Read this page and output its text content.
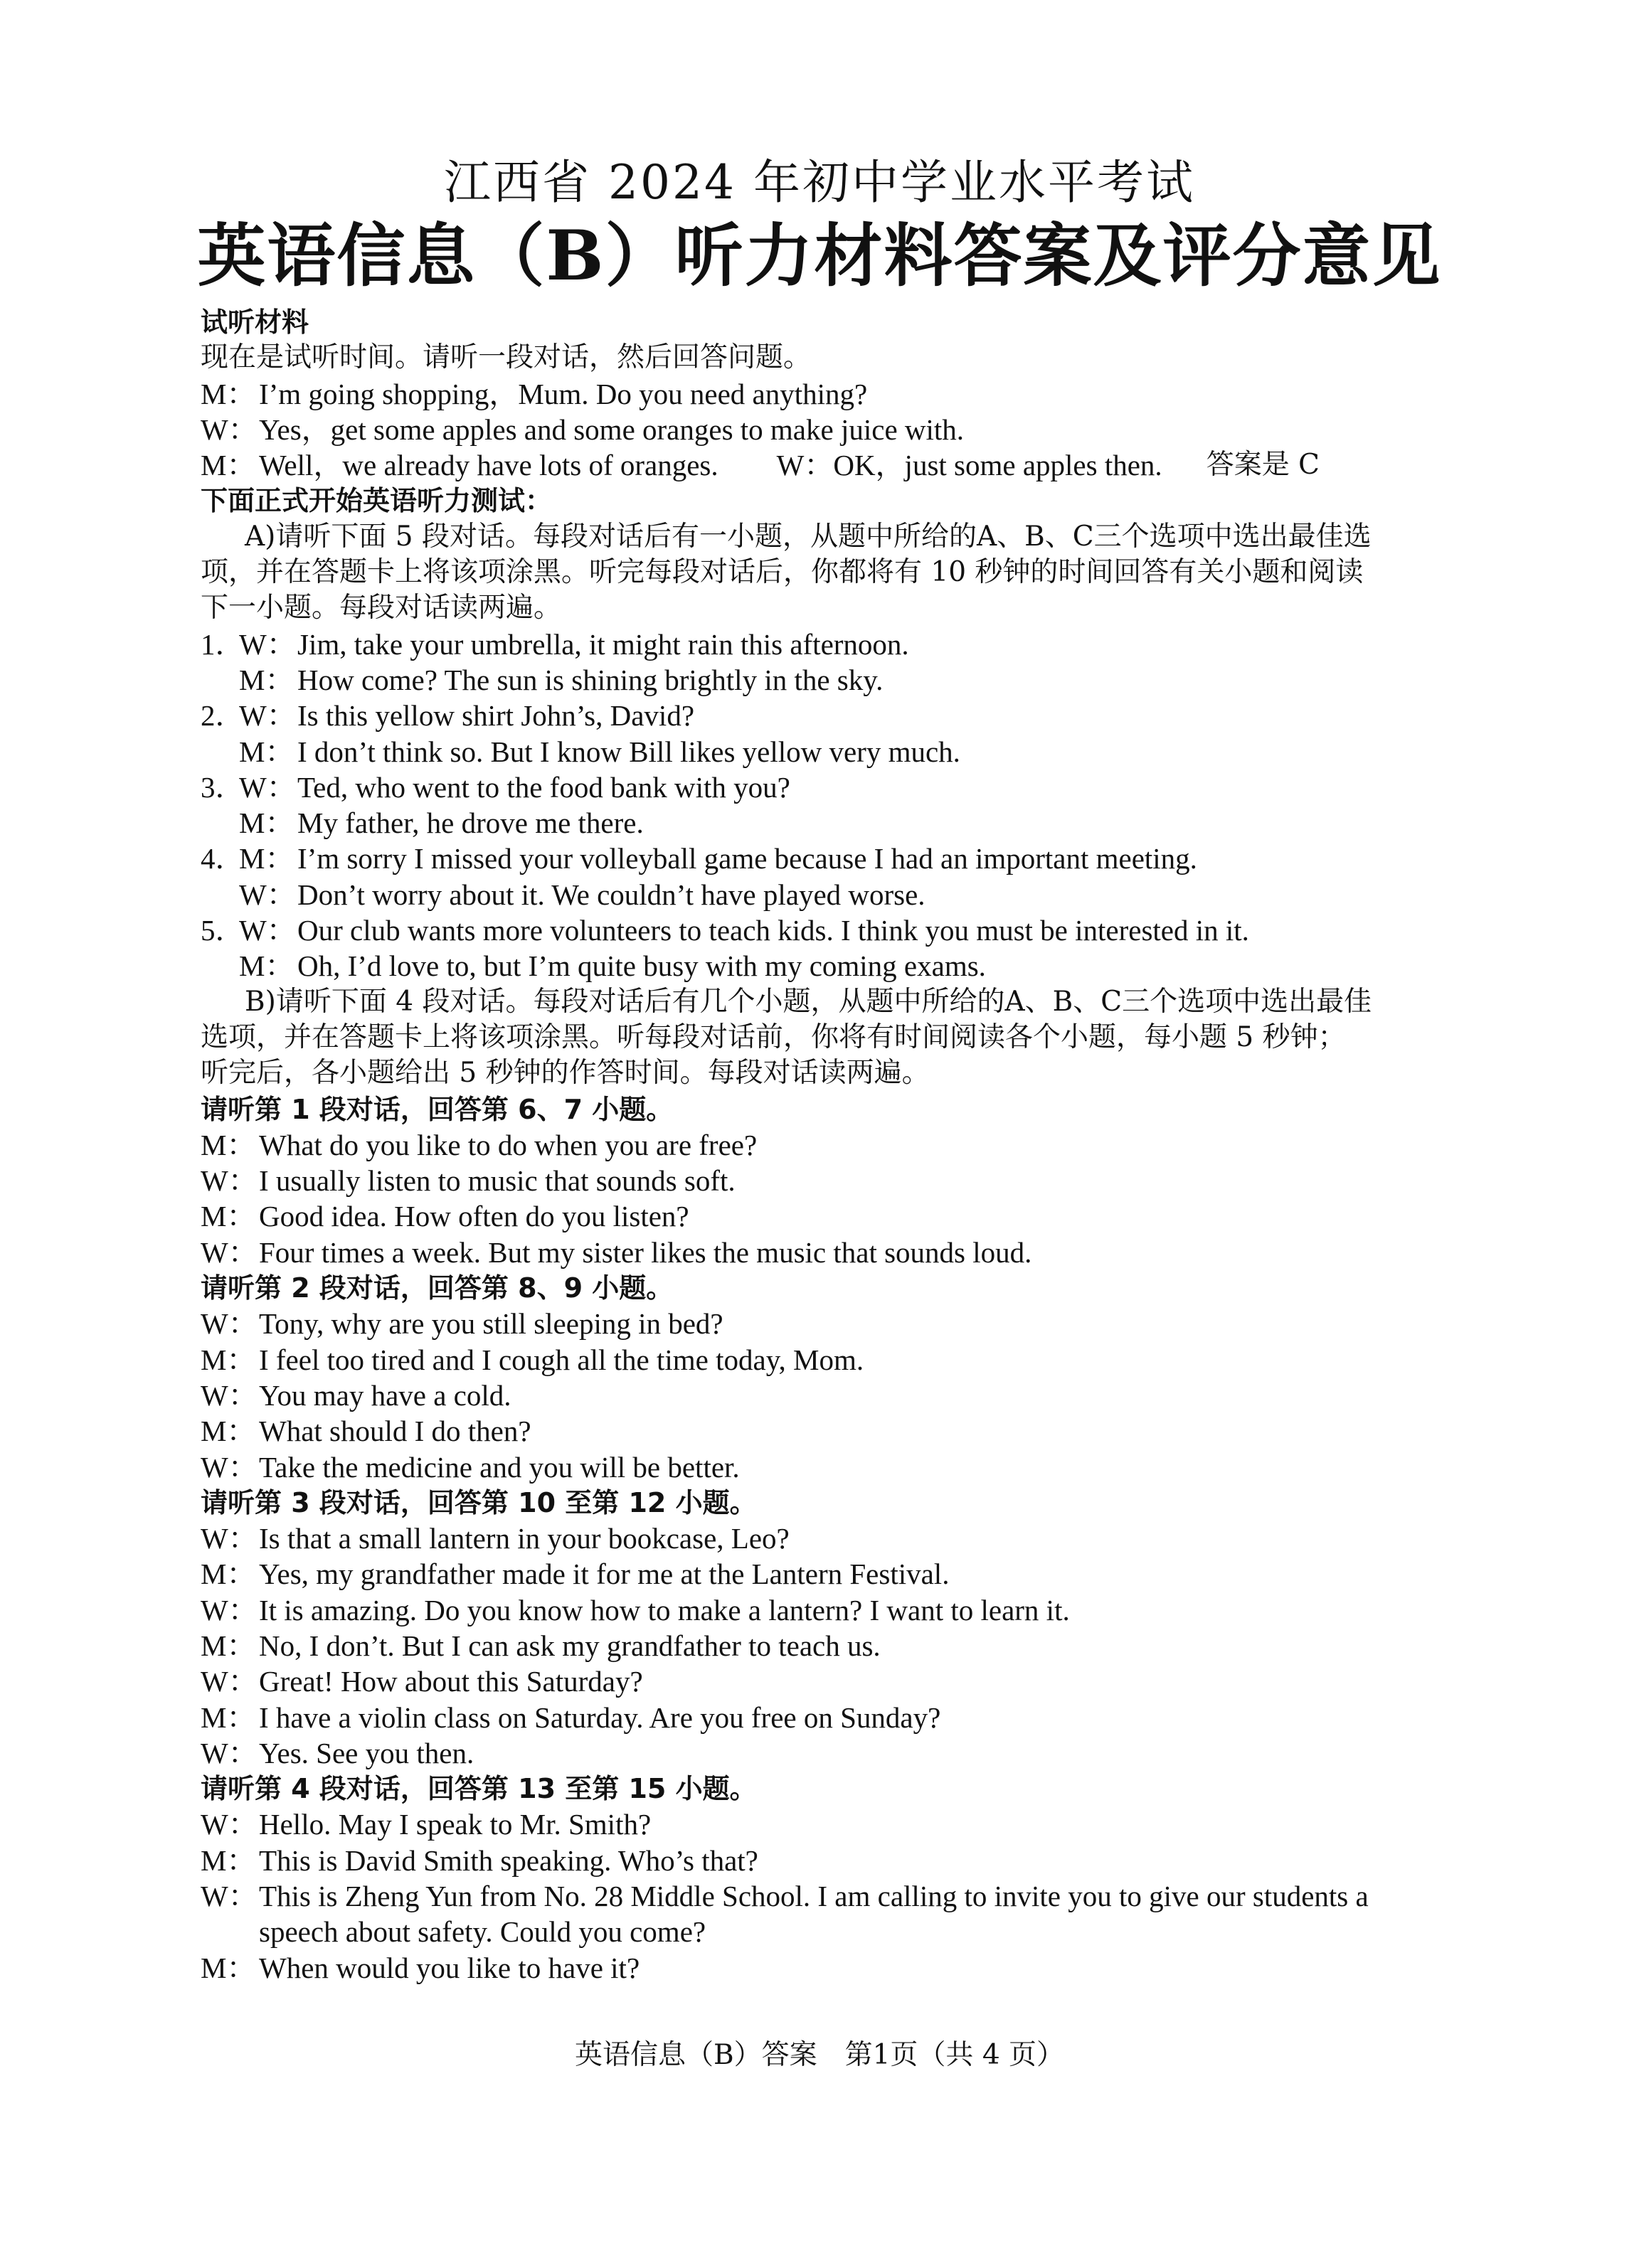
江西省 2024 年初中学业水平考试
英语信息（B）听力材料答案及评分意见
试听材料
现在是试听时间。请听一段对话，然后回答问题。
M： I’m going shopping，Mum. Do you need anything?
W： Yes，get some apples and some oranges to make juice with.
M： Well，we already have lots of oranges. W： OK，just some apples then. 答案是 C
下面正式开始英语听力测试：
A)请听下面 5 段对话。每段对话后有一小题，从题中所给的A、B、C三个选项中选出最佳选
项，并在答题卡上将该项涂黑。听完每段对话后，你都将有 10 秒钟的时间回答有关小题和阅读
下一小题。每段对话读两遍。
1．
W： Jim, take your umbrella, it might rain this afternoon.
M： How come? The sun is shining brightly in the sky.
2．
W： Is this yellow shirt John’s, David?
M： I don’t think so. But I know Bill likes yellow very much.
3．
W： Ted, who went to the food bank with you?
M： My father, he drove me there.
4．
M： I’m sorry I missed your volleyball game because I had an important meeting.
W： Don’t worry about it. We couldn’t have played worse.
5．
W： Our club wants more volunteers to teach kids. I think you must be interested in it.
M： Oh, I’d love to, but I’m quite busy with my coming exams.
B)请听下面 4 段对话。每段对话后有几个小题，从题中所给的A、B、C三个选项中选出最佳
选项，并在答题卡上将该项涂黑。听每段对话前，你将有时间阅读各个小题，每小题 5 秒钟；
听完后，各小题给出 5 秒钟的作答时间。每段对话读两遍。
请听第 1 段对话，回答第 6、7 小题。
M： What do you like to do when you are free?
W： I usually listen to music that sounds soft.
M： Good idea. How often do you listen?
W： Four times a week. But my sister likes the music that sounds loud.
请听第 2 段对话，回答第 8、9 小题。
W： Tony, why are you still sleeping in bed?
M： I feel too tired and I cough all the time today, Mom.
W： You may have a cold.
M： What should I do then?
W： Take the medicine and you will be better.
请听第 3 段对话，回答第 10 至第 12 小题。
W： Is that a small lantern in your bookcase, Leo?
M： Yes, my grandfather made it for me at the Lantern Festival.
W： It is amazing. Do you know how to make a lantern? I want to learn it.
M： No, I don’t. But I can ask my grandfather to teach us.
W： Great! How about this Saturday?
M： I have a violin class on Saturday. Are you free on Sunday?
W： Yes. See you then.
请听第 4 段对话，回答第 13 至第 15 小题。
W： Hello. May I speak to Mr. Smith?
M： This is David Smith speaking. Who’s that?
W： This is Zheng Yun from No. 28 Middle School. I am calling to invite you to give our students a
speech about safety. Could you come?
M： When would you like to have it?
英语信息（B）答案　第1页（共 4 页）
